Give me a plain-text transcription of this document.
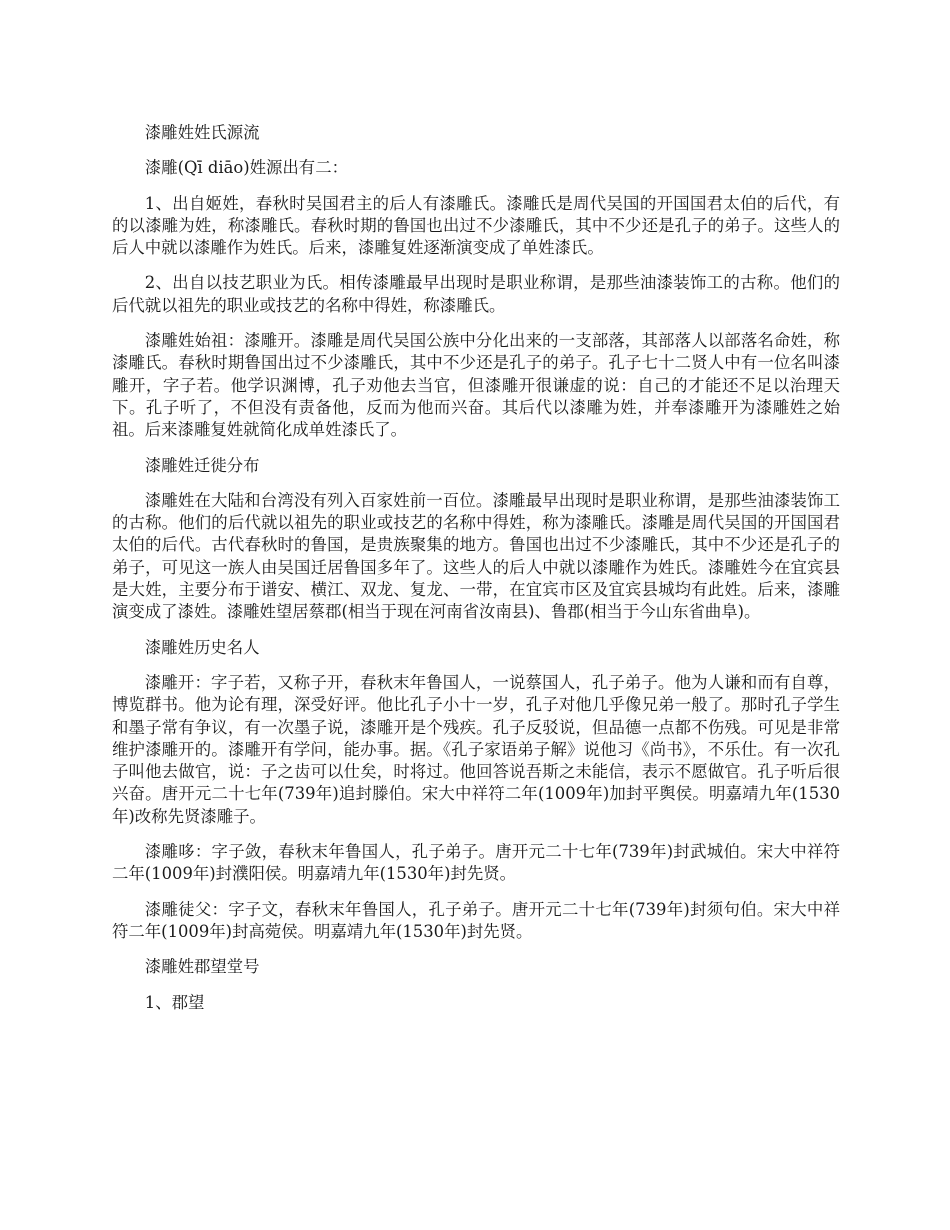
漆雕姓姓氏源流
漆雕(Qī diāo)姓源出有二：
1、出自姬姓，春秋时吴国君主的后人有漆雕氏。漆雕氏是周代吴国的开国国君太伯的后代，有的以漆雕为姓，称漆雕氏。春秋时期的鲁国也出过不少漆雕氏，其中不少还是孔子的弟子。这些人的后人中就以漆雕作为姓氏。后来，漆雕复姓逐渐演变成了单姓漆氏。
2、出自以技艺职业为氏。相传漆雕最早出现时是职业称谓，是那些油漆装饰工的古称。他们的后代就以祖先的职业或技艺的名称中得姓，称漆雕氏。
漆雕姓始祖：漆雕开。漆雕是周代吴国公族中分化出来的一支部落，其部落人以部落名命姓，称漆雕氏。春秋时期鲁国出过不少漆雕氏，其中不少还是孔子的弟子。孔子七十二贤人中有一位名叫漆雕开，字子若。他学识渊博，孔子劝他去当官，但漆雕开很谦虚的说：自己的才能还不足以治理天下。孔子听了，不但没有责备他，反而为他而兴奋。其后代以漆雕为姓，并奉漆雕开为漆雕姓之始祖。后来漆雕复姓就简化成单姓漆氏了。
漆雕姓迁徙分布
漆雕姓在大陆和台湾没有列入百家姓前一百位。漆雕最早出现时是职业称谓，是那些油漆装饰工的古称。他们的后代就以祖先的职业或技艺的名称中得姓，称为漆雕氏。漆雕是周代吴国的开国国君太伯的后代。古代春秋时的鲁国，是贵族聚集的地方。鲁国也出过不少漆雕氏，其中不少还是孔子的弟子，可见这一族人由吴国迁居鲁国多年了。这些人的后人中就以漆雕作为姓氏。漆雕姓今在宜宾县是大姓，主要分布于谱安、横江、双龙、复龙、一带，在宜宾市区及宜宾县城均有此姓。后来，漆雕演变成了漆姓。漆雕姓望居蔡郡(相当于现在河南省汝南县)、鲁郡(相当于今山东省曲阜)。
漆雕姓历史名人
漆雕开：字子若，又称子开，春秋末年鲁国人，一说蔡国人，孔子弟子。他为人谦和而有自尊，博览群书。他为论有理，深受好评。他比孔子小十一岁，孔子对他几乎像兄弟一般了。那时孔子学生和墨子常有争议，有一次墨子说，漆雕开是个残疾。孔子反驳说，但品德一点都不伤残。可见是非常维护漆雕开的。漆雕开有学问，能办事。据。《孔子家语弟子解》说他习《尚书》，不乐仕。有一次孔子叫他去做官，说：子之齿可以仕矣，时将过。他回答说吾斯之未能信，表示不愿做官。孔子听后很兴奋。唐开元二十七年(739年)追封滕伯。宋大中祥符二年(1009年)加封平舆侯。明嘉靖九年(1530年)改称先贤漆雕子。
漆雕哆：字子敛，春秋末年鲁国人，孔子弟子。唐开元二十七年(739年)封武城伯。宋大中祥符二年(1009年)封濮阳侯。明嘉靖九年(1530年)封先贤。
漆雕徒父：字子文，春秋末年鲁国人，孔子弟子。唐开元二十七年(739年)封须句伯。宋大中祥符二年(1009年)封高菀侯。明嘉靖九年(1530年)封先贤。
漆雕姓郡望堂号
1、郡望
